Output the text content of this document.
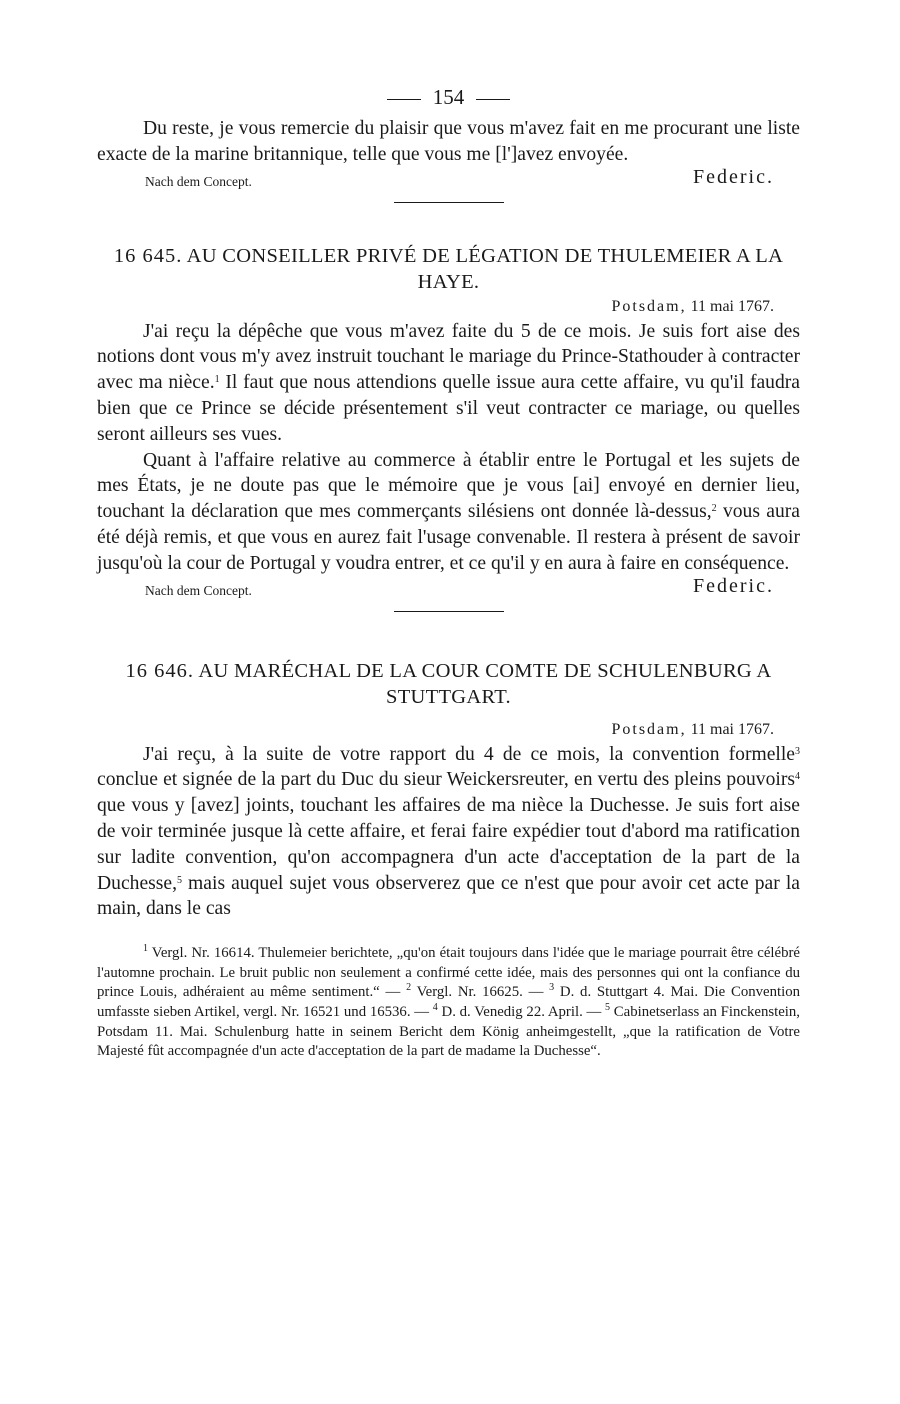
154

Du reste, je vous remercie du plaisir que vous m'avez fait en me procurant une liste exacte de la marine britannique, telle que vous me [l']avez envoyée.

Nach dem Concept.	Federic.

16 645. AU CONSEILLER PRIVÉ DE LÉGATION DE THULEMEIER A LA HAYE.

Potsdam, 11 mai 1767.

J'ai reçu la dépêche que vous m'avez faite du 5 de ce mois. Je suis fort aise des notions dont vous m'y avez instruit touchant le mariage du Prince-Stathouder à contracter avec ma nièce.$^1$ Il faut que nous attendions quelle issue aura cette affaire, vu qu'il faudra bien que ce Prince se décide présentement s'il veut contracter ce mariage, ou quelles seront ailleurs ses vues.

Quant à l'affaire relative au commerce à établir entre le Portugal et les sujets de mes États, je ne doute pas que le mémoire que je vous [ai] envoyé en dernier lieu, touchant la déclaration que mes commerçants silésiens ont donnée là-dessus,$^2$ vous aura été déjà remis, et que vous en aurez fait l'usage convenable. Il restera à présent de savoir jusqu'où la cour de Portugal y voudra entrer, et ce qu'il y en aura à faire en conséquence.

Nach dem Concept.	Federic.

16 646. AU MARÉCHAL DE LA COUR COMTE DE SCHULENBURG A STUTTGART.

Potsdam, 11 mai 1767.

J'ai reçu, à la suite de votre rapport du 4 de ce mois, la convention formelle$^3$ conclue et signée de la part du Duc du sieur Weickersreuter, en vertu des pleins pouvoirs$^4$ que vous y [avez] joints, touchant les affaires de ma nièce la Duchesse. Je suis fort aise de voir terminée jusque là cette affaire, et ferai faire expédier tout d'abord ma ratification sur ladite convention, qu'on accompagnera d'un acte d'acceptation de la part de la Duchesse,$^5$ mais auquel sujet vous observerez que ce n'est que pour avoir cet acte par la main, dans le cas

$^1$ Vergl. Nr. 16614. Thulemeier berichtete, „qu'on était toujours dans l'idée que le mariage pourrait être célébré l'automne prochain. Le bruit public non seulement a confirmé cette idée, mais des personnes qui ont la confiance du prince Louis, adhéraient au même sentiment.“ — $^2$ Vergl. Nr. 16625. — $^3$ D. d. Stuttgart 4. Mai. Die Convention umfasste sieben Artikel, vergl. Nr. 16521 und 16536. — $^4$ D. d. Venedig 22. April. — $^5$ Cabinetserlass an Finckenstein, Potsdam 11. Mai. Schulenburg hatte in seinem Bericht dem König anheimgestellt, „que la ratification de Votre Majesté fût accompagnée d'un acte d'acceptation de la part de madame la Duchesse“.
